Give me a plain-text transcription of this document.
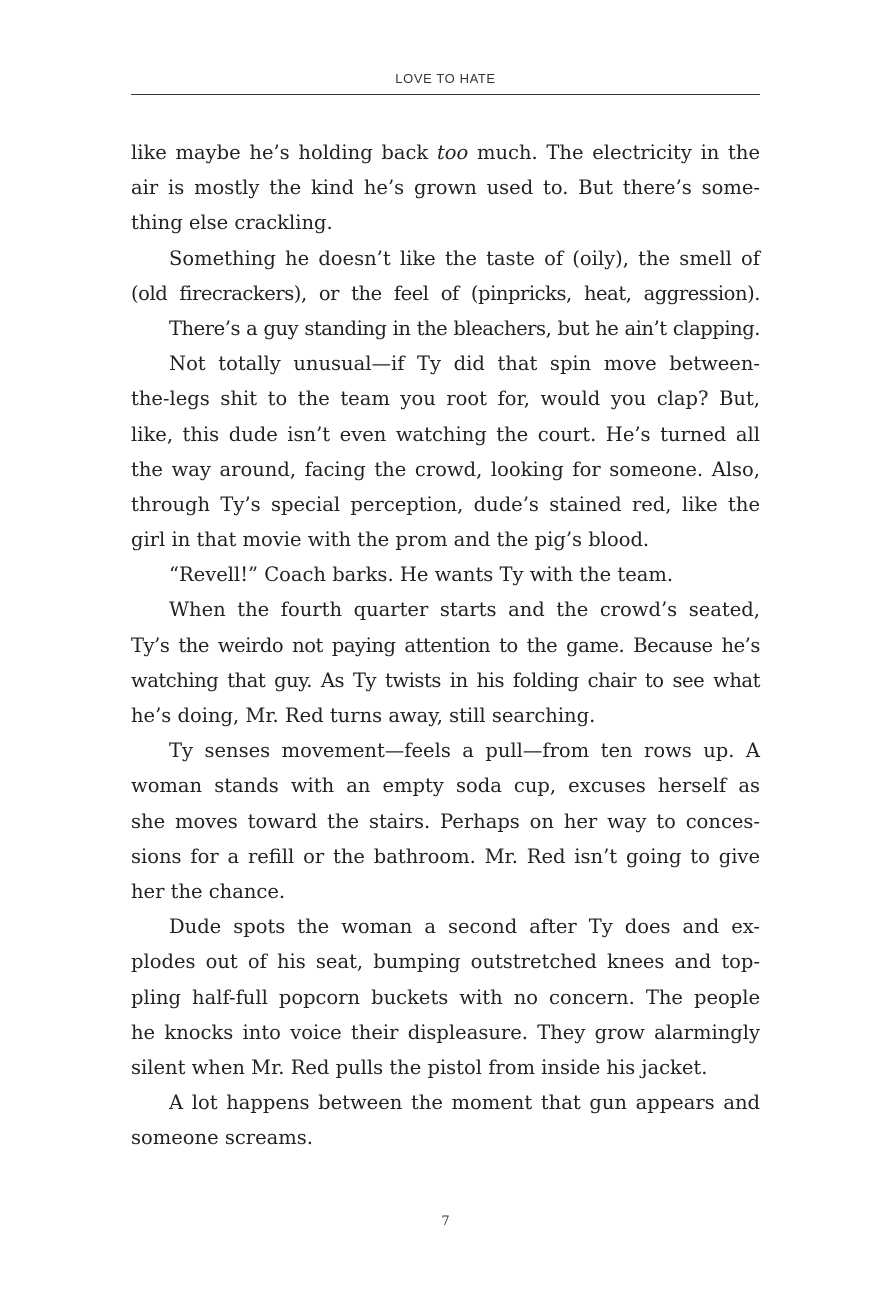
LOVE TO HATE
like maybe he’s holding back too much. The electricity in the
air is mostly the kind he’s grown used to. But there’s some-
thing else crackling.
Something he doesn’t like the taste of (oily), the smell of
(old firecrackers), or the feel of (pinpricks, heat, aggression).
There’s a guy standing in the bleachers, but he ain’t clapping.
Not totally unusual—if Ty did that spin move between-
the-legs shit to the team you root for, would you clap? But,
like, this dude isn’t even watching the court. He’s turned all
the way around, facing the crowd, looking for someone. Also,
through Ty’s special perception, dude’s stained red, like the
girl in that movie with the prom and the pig’s blood.
“Revell!” Coach barks. He wants Ty with the team.
When the fourth quarter starts and the crowd’s seated,
Ty’s the weirdo not paying attention to the game. Because he’s
watching that guy. As Ty twists in his folding chair to see what
he’s doing, Mr. Red turns away, still searching.
Ty senses movement—feels a pull—from ten rows up. A
woman stands with an empty soda cup, excuses herself as
she moves toward the stairs. Perhaps on her way to conces-
sions for a refill or the bathroom. Mr. Red isn’t going to give
her the chance.
Dude spots the woman a second after Ty does and ex-
plodes out of his seat, bumping outstretched knees and top-
pling half-full popcorn buckets with no concern. The people
he knocks into voice their displeasure. They grow alarmingly
silent when Mr. Red pulls the pistol from inside his jacket.
A lot happens between the moment that gun appears and
someone screams.
7
